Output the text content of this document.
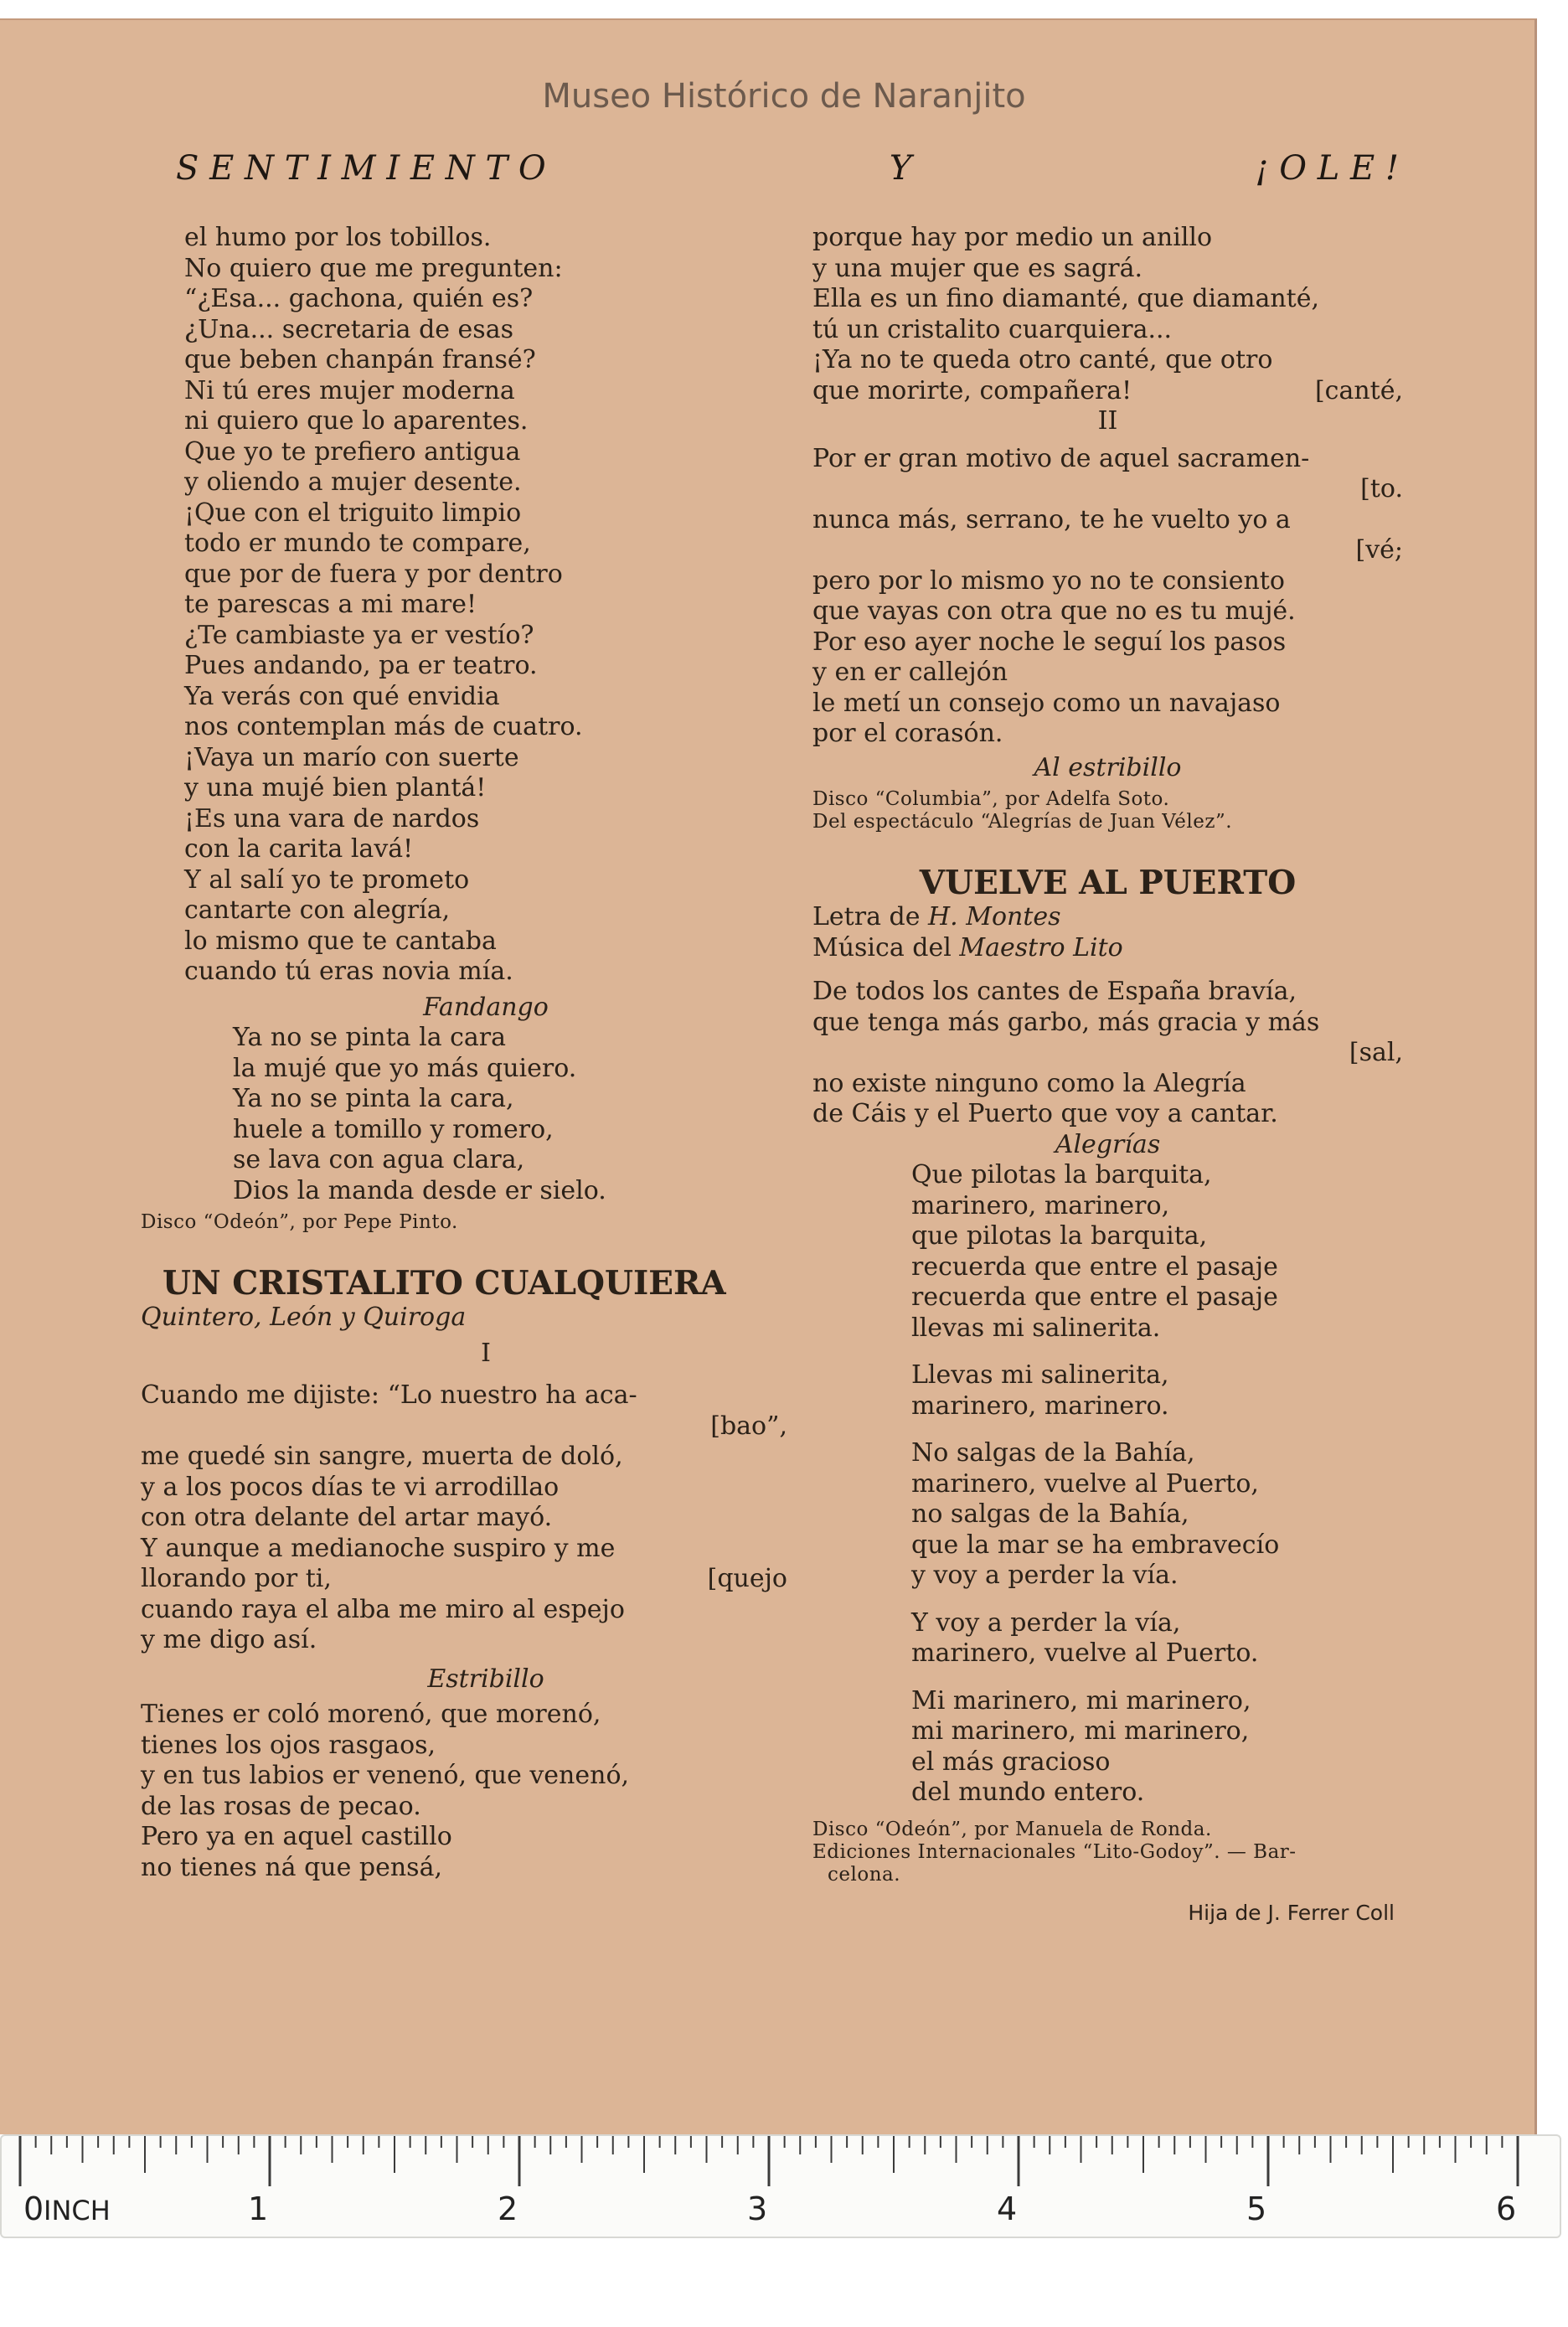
Museo Histórico de Naranjito
S E N T I M I E N T O	Y	¡ O L E !
el humo por los tobillos.
No quiero que me pregunten:
“¿Esa... gachona, quién es?
¿Una... secretaria de esas
que beben chanpán fransé?
Ni tú eres mujer moderna
ni quiero que lo aparentes.
Que yo te prefiero antigua
y oliendo a mujer desente.
¡Que con el triguito limpio
todo er mundo te compare,
que por de fuera y por dentro
te parescas a mi mare!
¿Te cambiaste ya er vestío?
Pues andando, pa er teatro.
Ya verás con qué envidia
nos contemplan más de cuatro.
¡Vaya un marío con suerte
y una mujé bien plantá!
¡Es una vara de nardos
con la carita lavá!
Y al salí yo te prometo
cantarte con alegría,
lo mismo que te cantaba
cuando tú eras novia mía.
Fandango
Ya no se pinta la cara
la mujé que yo más quiero.
Ya no se pinta la cara,
huele a tomillo y romero,
se lava con agua clara,
Dios la manda desde er sielo.
Disco “Odeón”, por Pepe Pinto.
UN CRISTALITO CUALQUIERA
Quintero, León y Quiroga
I
Cuando me dijiste: “Lo nuestro ha aca-
[bao”,
me quedé sin sangre, muerta de doló,
y a los pocos días te vi arrodillao
con otra delante del artar mayó.
Y aunque a medianoche suspiro y me
llorando por ti,	[quejo
cuando raya el alba me miro al espejo
y me digo así.
Estribillo
Tienes er coló morenó, que morenó,
tienes los ojos rasgaos,
y en tus labios er venenó, que venenó,
de las rosas de pecao.
Pero ya en aquel castillo
no tienes ná que pensá,
porque hay por medio un anillo
y una mujer que es sagrá.
Ella es un fino diamanté, que diamanté,
tú un cristalito cuarquiera...
¡Ya no te queda otro canté, que otro
que morirte, compañera!	[canté,
II
Por er gran motivo de aquel sacramen-
[to.
nunca más, serrano, te he vuelto yo a
[vé;
pero por lo mismo yo no te consiento
que vayas con otra que no es tu mujé.
Por eso ayer noche le seguí los pasos
y en er callejón
le metí un consejo como un navajaso
por el corasón.
Al estribillo
Disco “Columbia”, por Adelfa Soto.
Del espectáculo “Alegrías de Juan Vélez”.
VUELVE AL PUERTO
Letra de H. Montes
Música del Maestro Lito
De todos los cantes de España bravía,
que tenga más garbo, más gracia y más
[sal,
no existe ninguno como la Alegría
de Cáis y el Puerto que voy a cantar.
Alegrías
Que pilotas la barquita,
marinero, marinero,
que pilotas la barquita,
recuerda que entre el pasaje
recuerda que entre el pasaje
llevas mi salinerita.
Llevas mi salinerita,
marinero, marinero.
No salgas de la Bahía,
marinero, vuelve al Puerto,
no salgas de la Bahía,
que la mar se ha embravecío
y voy a perder la vía.
Y voy a perder la vía,
marinero, vuelve al Puerto.
Mi marinero, mi marinero,
mi marinero, mi marinero,
el más gracioso
del mundo entero.
Disco “Odeón”, por Manuela de Ronda.
Ediciones Internacionales “Lito-Godoy”. — Bar-
celona.
Hija de J. Ferrer Coll
0	1	2	3	4	5	6
INCH
